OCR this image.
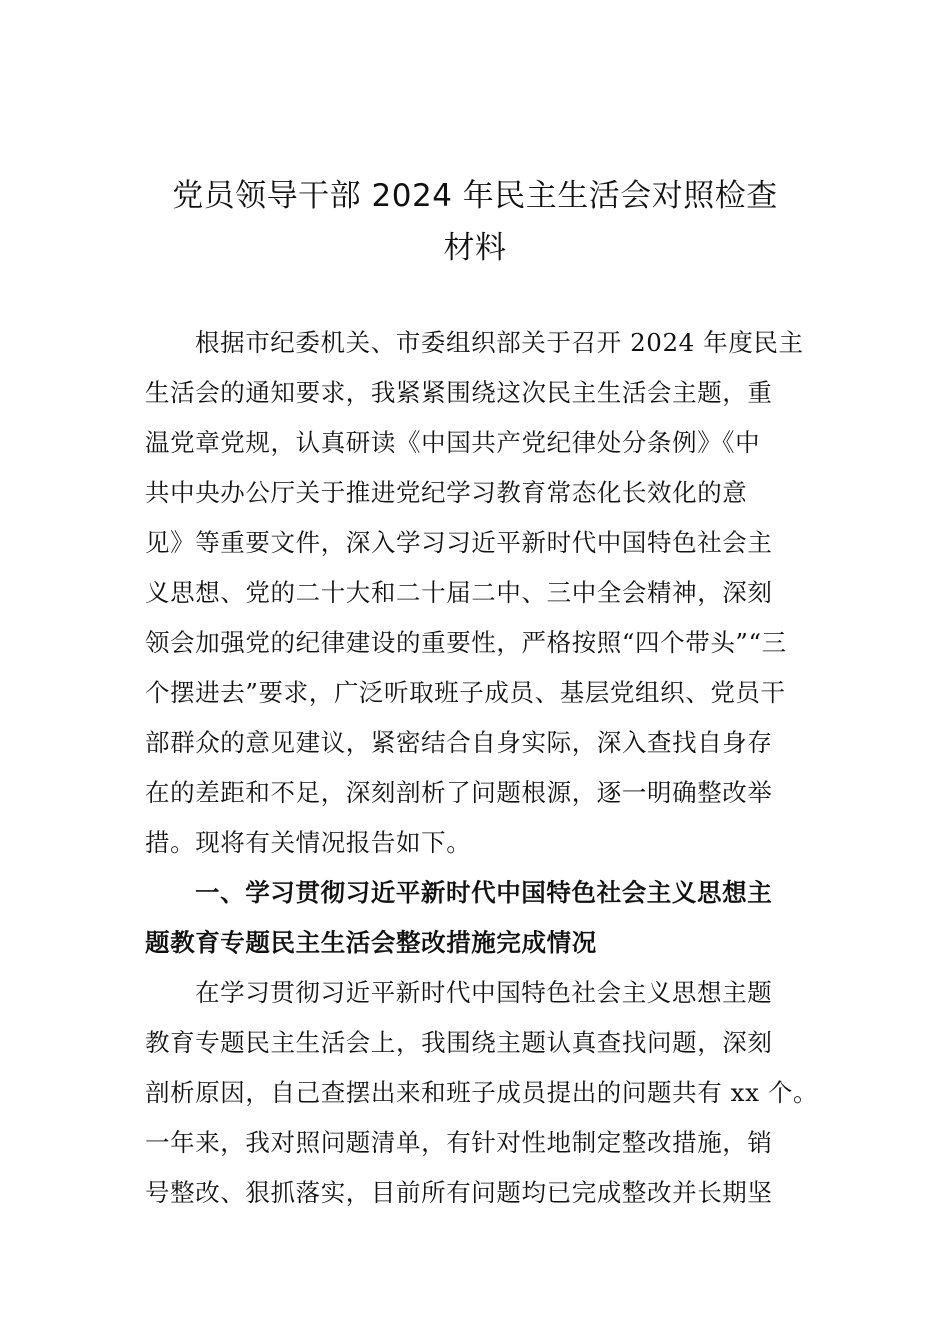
党员领导干部 2024 年民主生活会对照检查
材料
根据市纪委机关、市委组织部关于召开 2024 年度民主
生活会的通知要求，我紧紧围绕这次民主生活会主题，重
温党章党规，认真研读《中国共产党纪律处分条例》《中
共中央办公厅关于推进党纪学习教育常态化长效化的意
见》等重要文件，深入学习习近平新时代中国特色社会主
义思想、党的二十大和二十届二中、三中全会精神，深刻
领会加强党的纪律建设的重要性，严格按照“四个带头”“三
个摆进去”要求，广泛听取班子成员、基层党组织、党员干
部群众的意见建议，紧密结合自身实际，深入查找自身存
在的差距和不足，深刻剖析了问题根源，逐一明确整改举
措。现将有关情况报告如下。
一、学习贯彻习近平新时代中国特色社会主义思想主
题教育专题民主生活会整改措施完成情况
在学习贯彻习近平新时代中国特色社会主义思想主题
教育专题民主生活会上，我围绕主题认真查找问题，深刻
剖析原因，自己查摆出来和班子成员提出的问题共有 xx 个。
一年来，我对照问题清单，有针对性地制定整改措施，销
号整改、狠抓落实，目前所有问题均已完成整改并长期坚
